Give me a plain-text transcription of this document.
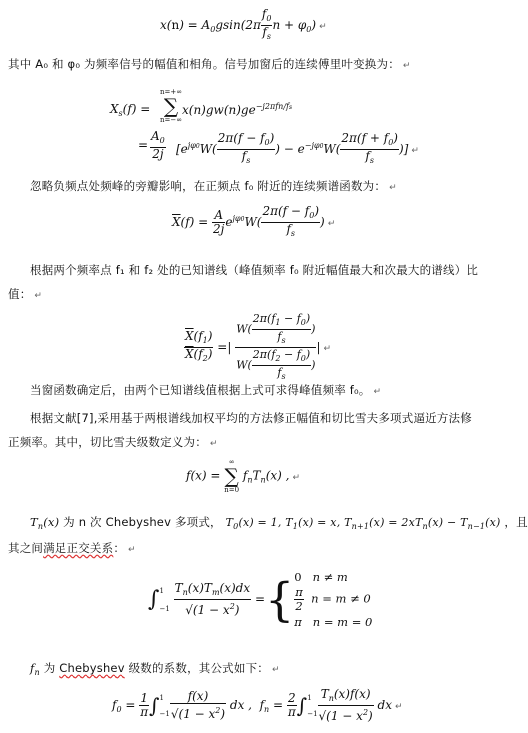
$x(n) = A_0gsin(2\pi \frac{f_0}{f_s}$ $n + \varphi_0$) ↵
其中 A₀ 和 φ₀ 为频率信号的幅值和相角。信号加窗后的连续傅里叶变换为： ↵
$X_s(f)$ =
n=+∞
∑
n=−∞
$x(n)gw(n)ge^{-j2\pi fn/fs}$
= $\frac{A_0}{2j} [e^{j\varphi 0}W( \frac{2\pi(f - f_0)}{f_s}$ ) − $e^{-j\varphi 0}W( \frac{2\pi(f + f_0)}{f_s}$ )] ↵
忽略负频点处频峰的旁瓣影响，在正频点 f₀ 附近的连续频谱函数为： ↵
$\overline{X}(f) = \frac{A}{2j} e^{j\varphi 0}W( \frac{2\pi(f - f_0)}{f_s}$ ) ↵
根据两个频率点 f₁ 和 f₂ 处的已知谱线（峰值频率 f₀ 附近幅值最大和次最大的谱线）比
值： ↵
$\frac{\overline{X}(f_1)}{\overline{X}(f_2)}$ =| $\frac{W( \frac{2\pi(f_1 - f_0)}{f_s} )}{W( \frac{2\pi(f_2 - f_0)}{f_s} )}$ | ↵
当窗函数确定后，由两个已知谱线值根据上式可求得峰值频率 f₀。 ↵
根据文献[7],采用基于两根谱线加权平均的方法修正幅值和切比雪夫多项式逼近方法修
正频率。其中，切比雪夫级数定义为： ↵
f(x) =
∞
∑
n=0
$f_nT_n(x)$ , ↵
$T_n(x)$ 为 n 次 Chebyshev 多项式， $T_0(x) = 1$, $T_1(x) = x$, $T_{n+1}(x) = 2xT_n(x) - T_{n-1}(x)$ ，且
其之间满足正交关系： ↵
∫ 1
−1
$\frac{T_n(x)T_m(x)dx}{√(1 - x^2)}$ ={ 0   n ≠ m
$\frac{\pi}{2}$ n = m ≠ 0
π   n = m = 0
$f_n$ 为 Chebyshev 级数的系数，其公式如下： ↵
$f_0 = \frac{1}{\pi}$ ∫ 1
$-1 \frac{f(x)}{√(1 - x^2)}$ dx ,  $f_n = \frac{2}{\pi}$ ∫ 1
$-1 \frac{T_n(x)f(x)}{√(1 - x^2)}$ dx ↵
